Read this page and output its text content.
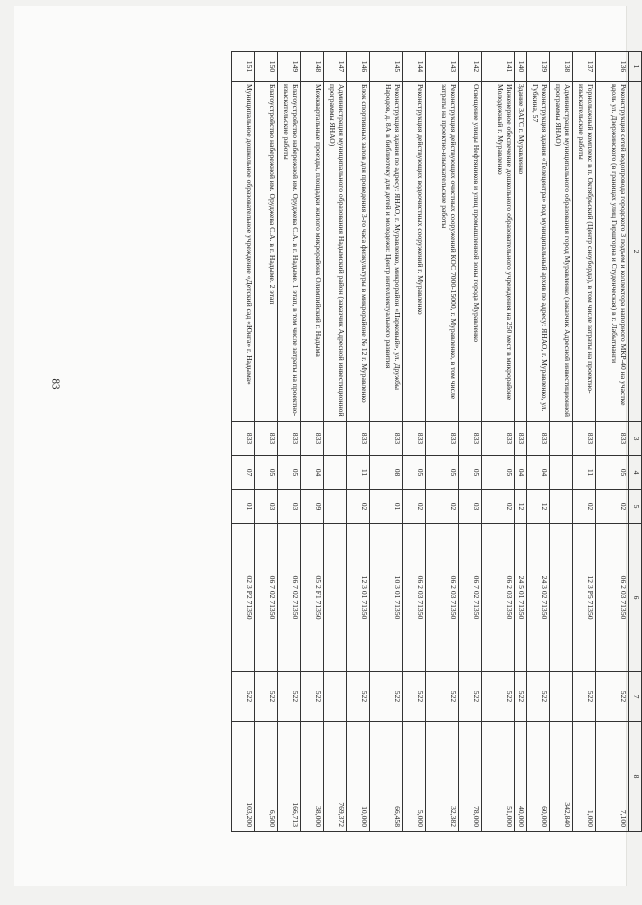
83
1	2	3	4	5	6	7	8
136	Реконструкция сетей водопровода городского 3 подъем и коллектора напорного МКР-40 на участке вдоль ул. Дзержинского (в границах улиц Гиршгорна и Студенческая) в г. Лабытнанги	833	05	02	06 2 03 71350	522	7,100
137	Горнолыжный комплекс в п. Октябрьский (Центр сноуборда), в том числе затраты на проектно-изыскательские работы	833	11	02	12 3 P5 71350	522	1,000
138	Администрация муниципального образования город Муравленко (заказчик Адресной инвестиционной программы ЯНАО)						342,840
139	Реконструкция здания «Телецентра» под муниципальный архив по адресу: ЯНАО, г. Муравленко, ул. Губкина, 57	833	04	12	24 3 02 71350	522	60,000
140	Здание ЗАГС г. Муравленко	833	04	12	24 5 01 71350	522	40,000
141	Инженерное обеспечение дошкольного образовательного учреждения на 250 мест в микрорайоне Молодежный г. Муравленко	833	05	02	06 2 03 71350	522	51,000
142	Освещение улицы Нефтяников и улиц промышленной зоны города Муравленко	833	05	03	06 7 02 71350	522	78,000
143	Реконструкция действующих очистных сооружений КОС 7000-15000, г. Муравленко, в том числе затраты на проектно-изыскательские работы	833	05	02	06 2 03 71350	522	32,382
144	Реконструкция действующих водоочистных сооружений г. Муравленко	833	05	02	06 2 03 71350	522	5,000
145	Реконструкция здания по адресу: ЯНАО, г. Муравленко, микрорайон «Парковый», ул. Дружбы Народов, д. 8А в библиотеку для детей и молодежи: Центр интеллектуального развития	833	08	01	10 3 01 71350	522	66,458
146	Блок спортивных залов для проведения 3-го часа физкультуры в микрорайоне № 12 г. Муравленко	833	11	02	12 3 01 71350	522	10,000
147	Администрация муниципального образования Надымский район (заказчик Адресной инвестиционной программы ЯНАО)						769,372
148	Межквартальные проезды, площадки жилого микрорайона Олимпийский г. Надыма	833	04	09	05 2 F1 71350	522	38,000
149	Благоустройство набережной им. Оруджева С.А. в г. Надыме. 1 этап, в том числе затраты на проектно-изыскательские работы	833	05	03	06 7 02 71350	522	166,713
150	Благоустройство набережной им. Оруджева С.А. в г. Надыме. 2 этап	833	05	03	06 7 02 71350	522	6,500
151	Муниципальное дошкольное образовательное учреждение «Детский сад «Юнга» г. Надыма»	833	07	01	02 3 P2 71350	522	103,200
